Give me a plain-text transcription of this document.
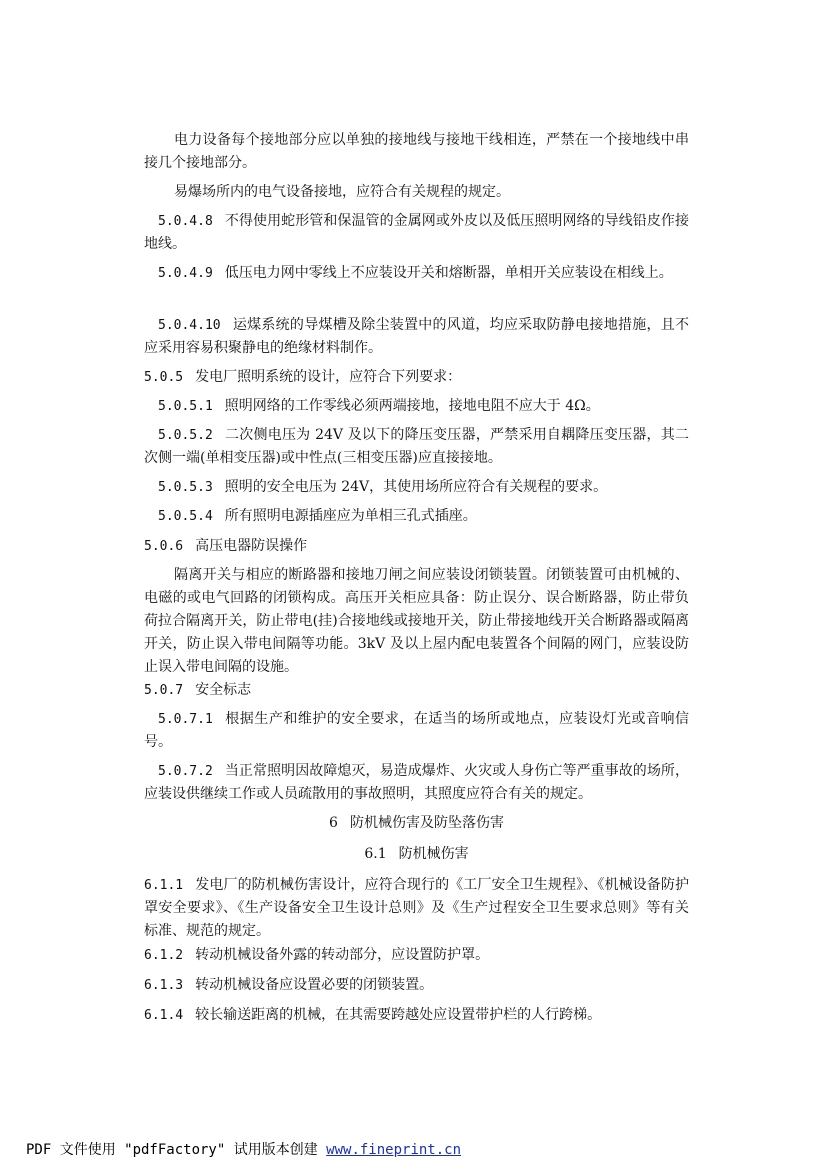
电力设备每个接地部分应以单独的接地线与接地干线相连，严禁在一个接地线中串接几个接地部分。

易爆场所内的电气设备接地，应符合有关规程的规定。

5.0.4.8 不得使用蛇形管和保温管的金属网或外皮以及低压照明网络的导线铅皮作接地线。

5.0.4.9 低压电力网中零线上不应装设开关和熔断器，单相开关应装设在相线上。

5.0.4.10 运煤系统的导煤槽及除尘装置中的风道，均应采取防静电接地措施，且不应采用容易积聚静电的绝缘材料制作。

5.0.5 发电厂照明系统的设计，应符合下列要求：

5.0.5.1 照明网络的工作零线必须两端接地，接地电阻不应大于 4Ω。

5.0.5.2 二次侧电压为 24V 及以下的降压变压器，严禁采用自耦降压变压器，其二次侧一端(单相变压器)或中性点(三相变压器)应直接接地。

5.0.5.3 照明的安全电压为 24V，其使用场所应符合有关规程的要求。

5.0.5.4 所有照明电源插座应为单相三孔式插座。

5.0.6 高压电器防误操作

隔离开关与相应的断路器和接地刀闸之间应装设闭锁装置。闭锁装置可由机械的、电磁的或电气回路的闭锁构成。高压开关柜应具备：防止误分、误合断路器，防止带负荷拉合隔离开关，防止带电(挂)合接地线或接地开关，防止带接地线开关合断路器或隔离开关，防止误入带电间隔等功能。3kV 及以上屋内配电装置各个间隔的网门，应装设防止误入带电间隔的设施。

5.0.7 安全标志

5.0.7.1 根据生产和维护的安全要求，在适当的场所或地点，应装设灯光或音响信号。

5.0.7.2 当正常照明因故障熄灭，易造成爆炸、火灾或人身伤亡等严重事故的场所，应装设供继续工作或人员疏散用的事故照明，其照度应符合有关的规定。

6 防机械伤害及防坠落伤害

6.1 防机械伤害

6.1.1 发电厂的防机械伤害设计，应符合现行的《工厂安全卫生规程》、《机械设备防护罩安全要求》、《生产设备安全卫生设计总则》及《生产过程安全卫生要求总则》等有关标准、规范的规定。

6.1.2 转动机械设备外露的转动部分，应设置防护罩。

6.1.3 转动机械设备应设置必要的闭锁装置。

6.1.4 较长输送距离的机械，在其需要跨越处应设置带护栏的人行跨梯。

PDF 文件使用 "pdfFactory" 试用版本创建 www.fineprint.cn
